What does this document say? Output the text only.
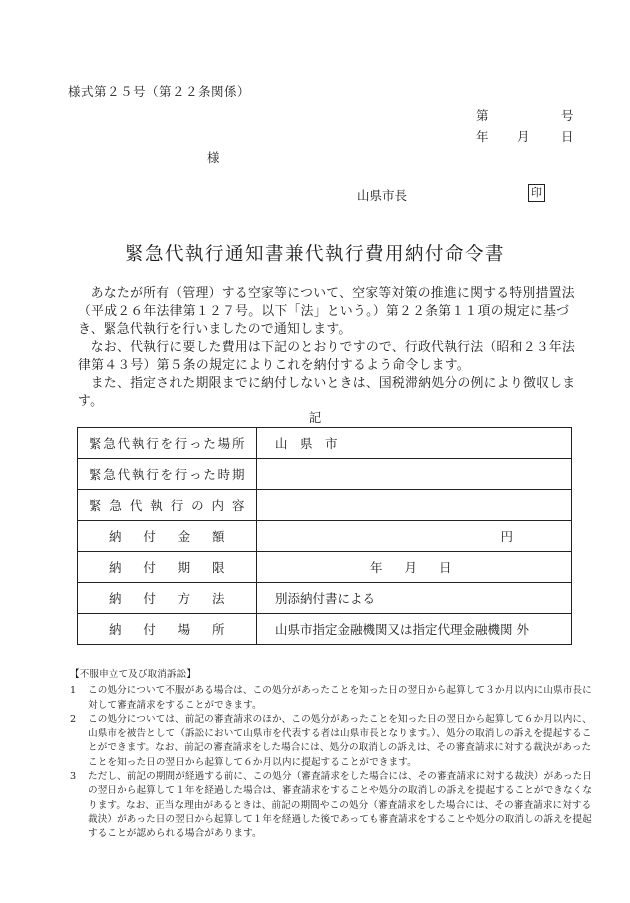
様式第２５号（第２２条関係）
第	号
年 月	日
様
山県市長	印
緊急代執行通知書兼代執行費用納付命令書

あなたが所有（管理）する空家等について、空家等対策の推進に関する特別措置法（平成２６年法律第１２７号。以下「法」という。）第２２条第１１項の規定に基づき、緊急代執行を行いましたので通知します。

なお、代執行に要した費用は下記のとおりですので、行政代執行法（昭和２３年法律第４３号）第５条の規定によりこれを納付するよう命令します。

また、指定された期限までに納付しないときは、国税滞納処分の例により徴収します。

記
緊急代執行を行った場所	山　県　市
緊急代執行を行った時期	
緊急代執行の内容	
納付金額	円

納付期限	年 月 日
納付方法	別添納付書による
納付場所	山県市指定金融機関又は指定代理金融機関 外

【不服申立て及び取消訴訟】

1 この処分について不服がある場合は、この処分があったことを知った日の翌日から起算して３か月以内に山県市長に対して審査請求をすることができます。

2 この処分については、前記の審査請求のほか、この処分があったことを知った日の翌日から起算して６か月以内に、山県市を被告として（訴訟において山県市を代表する者は山県市長となります。）、処分の取消しの訴えを提起することができます。なお、前記の審査請求をした場合には、処分の取消しの訴えは、その審査請求に対する裁決があったことを知った日の翌日から起算して６か月以内に提起することができます。

3 ただし、前記の期間が経過する前に、この処分（審査請求をした場合には、その審査請求に対する裁決）があった日の翌日から起算して１年を経過した場合は、審査請求をすることや処分の取消しの訴えを提起することができなくなります。なお、正当な理由があるときは、前記の期間やこの処分（審査請求をした場合には、その審査請求に対する裁決）があった日の翌日から起算して１年を経過した後であっても審査請求をすることや処分の取消しの訴えを提起することが認められる場合があります。
